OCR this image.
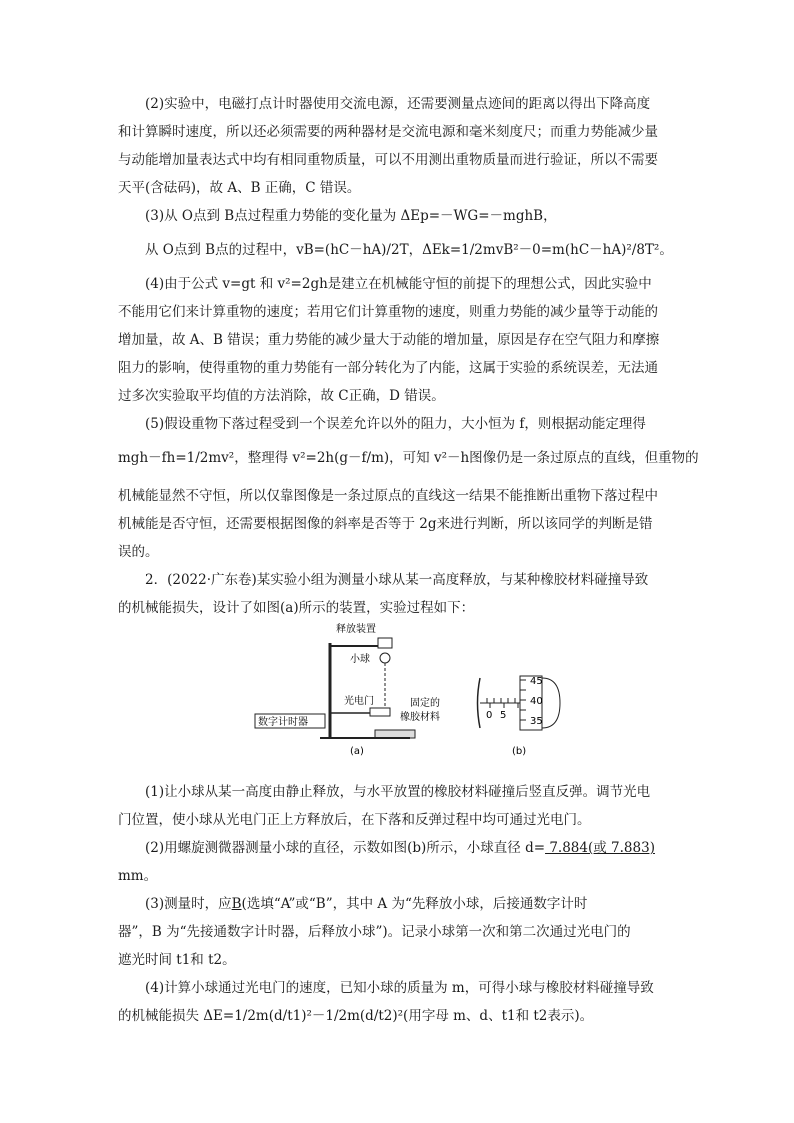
(2)实验中，电磁打点计时器使用交流电源，还需要测量点迹间的距离以得出下降高度
和计算瞬时速度，所以还必须需要的两种器材是交流电源和毫米刻度尺；而重力势能减少量
与动能增加量表达式中均有相同重物质量，可以不用测出重物质量而进行验证，所以不需要
天平(含砝码)，故 A、B 正确，C 错误。
(3)从 O点到 B点过程重力势能的变化量为 ΔEp=－WG=－mghB，
从 O点到 B点的过程中，vB=(hC－hA)/2T，ΔEk=1/2mvB²－0=m(hC－hA)²/8T²。
(4)由于公式 v=gt 和 v²=2gh是建立在机械能守恒的前提下的理想公式，因此实验中
不能用它们来计算重物的速度；若用它们计算重物的速度，则重力势能的减少量等于动能的
增加量，故 A、B 错误；重力势能的减少量大于动能的增加量，原因是存在空气阻力和摩擦
阻力的影响，使得重物的重力势能有一部分转化为了内能，这属于实验的系统误差，无法通
过多次实验取平均值的方法消除，故 C正确，D 错误。
(5)假设重物下落过程受到一个误差允许以外的阻力，大小恒为 f，则根据动能定理得
mgh－fh=1/2mv²，整理得 v²=2h(g－f/m)，可知 v²－h图像仍是一条过原点的直线，但重物的
机械能显然不守恒，所以仅靠图像是一条过原点的直线这一结果不能推断出重物下落过程中
机械能是否守恒，还需要根据图像的斜率是否等于 2g来进行判断，所以该同学的判断是错
误的。
2．(2022·广东卷)某实验小组为测量小球从某一高度释放，与某种橡胶材料碰撞导致
的机械能损失，设计了如图(a)所示的装置，实验过程如下：
释放装置
小球
光电门	固定的
橡胶材料
数字计时器
(a)
45
40
35
0 5
(b)
(1)让小球从某一高度由静止释放，与水平放置的橡胶材料碰撞后竖直反弹。调节光电
门位置，使小球从光电门正上方释放后，在下落和反弹过程中均可通过光电门。
(2)用螺旋测微器测量小球的直径，示数如图(b)所示，小球直径 d= 7.884(或 7.883)
mm。
(3)测量时，应B(选填“A”或“B”，其中 A 为“先释放小球，后接通数字计时
器”，B 为“先接通数字计时器，后释放小球”)。记录小球第一次和第二次通过光电门的
遮光时间 t1和 t2。
(4)计算小球通过光电门的速度，已知小球的质量为 m，可得小球与橡胶材料碰撞导致
的机械能损失 ΔE=1/2m(d/t1)²－1/2m(d/t2)²(用字母 m、d、t1和 t2表示)。
